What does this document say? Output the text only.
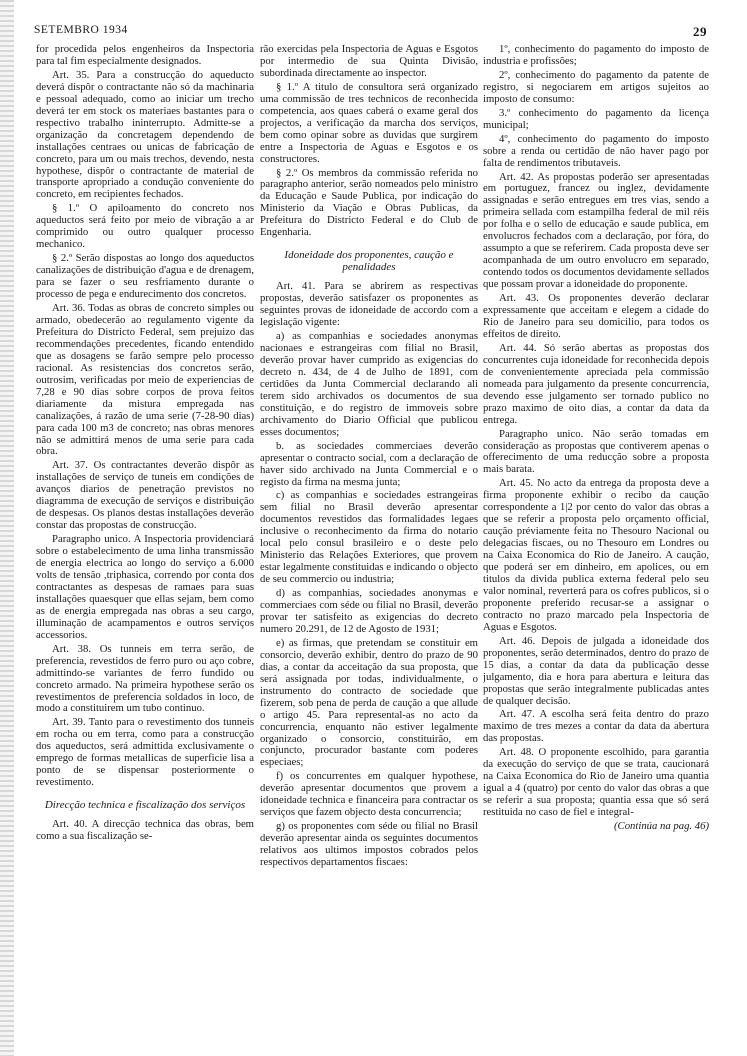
SETEMBRO 1934	29

for procedida pelos engenheiros da Inspectoria para tal fim especialmente designados.

Art. 35. Para a construcção do aqueducto deverá dispôr o contractante não só da machinaria e pessoal adequado, como ao iniciar um trecho deverá ter em stock os materiaes bastantes para o respectivo trabalho ininterrupto. Admitte-se a organização da concretagem dependendo de installações centraes ou unicas de fabricação de concreto, para um ou mais trechos, devendo, nesta hypothese, dispôr o contractante de material de transporte apropriado a condução conveniente do concreto, em recipientes fechados.

§ 1.º O apiloamento do concreto nos aqueductos será feito por meio de vibração a ar comprimido ou outro qualquer processo mechanico.

§ 2.º Serão dispostas ao longo dos aqueductos canalizações de distribuição d'agua e de drenagem, para se fazer o seu resfriamento durante o processo de pega e endurecimento dos concretos.

Art. 36. Todas as obras de concreto simples ou armado, obedecerão ao regulamento vigente da Prefeitura do Districto Federal, sem prejuizo das recommendações precedentes, ficando entendido que as dosagens se farão sempre pelo processo racional. As resistencias dos concretos serão, outrosim, verificadas por meio de experiencias de 7,28 e 90 dias sobre corpos de prova feitos diariamente da mistura empregada nas canalizações, á razão de uma serie (7-28-90 dias) para cada 100 m3 de concreto; nas obras menores não se admittirá menos de uma serie para cada obra.

Art. 37. Os contractantes deverão dispôr as installações de serviço de tuneis em condições de avanços diarios de penetração previstos no diagramma de execução de serviços e distribuição de despesas. Os planos destas installações deverão constar das propostas de construcção.

Paragrapho unico. A Inspectoria providenciará sobre o estabelecimento de uma linha transmissão de energia electrica ao longo do serviço a 6.000 volts de tensão ,triphasica, correndo por conta dos contractantes as despesas de ramaes para suas installações quaesquer que ellas sejam, bem como as de energia empregada nas obras a seu cargo, illuminação de acampamentos e outros serviços accessorios.

Art. 38. Os tunneis em terra serão, de preferencia, revestidos de ferro puro ou aço cobre, admittindo-se variantes de ferro fundido ou concreto armado. Na primeira hypothese serão os revestimentos de preferencia soldados in loco, de modo a constituirem um tubo continuo.

Art. 39. Tanto para o revestimento dos tunneis em rocha ou em terra, como para a construcção dos aqueductos, será admittida exclusivamente o emprego de formas metallicas de superficie lisa a ponto de se dispensar posteriormente o revestimento.

Direcção technica e fiscalização dos serviços

Art. 40. A direcção technica das obras, bem como a sua fiscalização se-

rão exercidas pela Inspectoria de Aguas e Esgotos por intermedio de sua Quinta Divisão, subordinada directamente ao inspector.

§ 1.º A titulo de consultora será organizado uma commissão de tres technicos de reconhecida competencia, aos quaes caberá o exame geral dos projectos, a verificação da marcha dos serviços, bem como opinar sobre as duvidas que surgirem entre a Inspectoria de Aguas e Esgotos e os constructores.

§ 2.º Os membros da commissão referida no paragrapho anterior, serão nomeados pelo ministro da Educação e Saude Publica, por indicação do Ministerio da Viação e Obras Publicas, da Prefeitura do Districto Federal e do Club de Engenharia.

Idoneidade dos proponentes, caução e penalidades

Art. 41. Para se abrirem as respectivas propostas, deverão satisfazer os proponentes as seguintes provas de idoneidade de accordo com a legislação vigente:

a) as companhias e sociedades anonymas nacionaes e estrangeiras com filial no Brasil, deverão provar haver cumprido as exigencias do decreto n. 434, de 4 de Julho de 1891, com certidões da Junta Commercial declarando ali terem sido archivados os documentos de sua constituição, e do registro de immoveis sobre archivamento do Diario Official que publicou esses documentos;

b. as sociedades commerciaes deverão apresentar o contracto social, com a declaração de haver sido archivado na Junta Commercial e o registo da firma na mesma junta;

c) as companhias e sociedades estrangeiras sem filial no Brasil deverão apresentar documentos revestidos das formalidades legaes inclusive o reconhecimento da firma do notario local pelo consul brasileiro e o deste pelo Ministerio das Relações Exteriores, que provem estar legalmente constituidas e indicando o objecto de seu commercio ou industria;

d) as companhias, sociedades anonymas e commerciaes com séde ou filial no Brasil, deverão provar ter satisfeito as exigencias do decreto numero 20.291, de 12 de Agosto de 1931;

e) as firmas, que pretendam se constituir em consorcio, deverão exhibir, dentro do prazo de 90 dias, a contar da acceitação da sua proposta, que será assignada por todas, individualmente, o instrumento do contracto de sociedade que fizerem, sob pena de perda de caução a que allude o artigo 45. Para represental-as no acto da concurrencia, enquanto não estiver legalmente organizado o consorcio, constituirão, em conjuncto, procurador bastante com poderes especiaes;

f) os concurrentes em qualquer hypothese, deverão apresentar documentos que provem a idoneidade technica e financeira para contractar os serviços que fazem objecto desta concurrencia;

g) os proponentes com séde ou filial no Brasil deverão apresentar ainda os seguintes documentos relativos aos ultimos impostos cobrados pelos respectivos departamentos fiscaes:

1º, conhecimento do pagamento do imposto de industria e profissões;

2º, conhecimento do pagamento da patente de registro, si negociarem em artigos sujeitos ao imposto de consumo:

3.º conhecimento do pagamento da licença municipal;

4º, conhecimento do pagamento do imposto sobre a renda ou certidão de não haver pago por falta de rendimentos tributaveis.

Art. 42. As propostas poderão ser apresentadas em portuguez, francez ou inglez, devidamente assignadas e serão entregues em tres vias, sendo a primeira sellada com estampilha federal de mil réis por folha e o sello de educação e saude publica, em envolucros fechados com a declaração, por fóra, do assumpto a que se referirem. Cada proposta deve ser acompanhada de um outro envolucro em separado, contendo todos os documentos devidamente sellados que possam provar a idoneidade do proponente.

Art. 43. Os proponentes deverão declarar expressamente que acceitam e elegem a cidade do Rio de Janeiro para seu domicilio, para todos os effeitos de direito.

Art. 44. Só serão abertas as propostas dos concurrentes cuja idoneidade for reconhecida depois de convenientemente apreciada pela commissão nomeada para julgamento da presente concurrencia, devendo esse julgamento ser tornado publico no prazo maximo de oito dias, a contar da data da entrega.

Paragrapho unico. Não serão tomadas em consideração as propostas que contiverem apenas o offerecimento de uma reducção sobre a proposta mais barata.

Art. 45. No acto da entrega da proposta deve a firma proponente exhibir o recibo da caução correspondente a 1|2 por cento do valor das obras a que se referir a proposta pelo orçamento official, caução préviamente feita no Thesouro Nacional ou delegacias fiscaes, ou no Thesouro em Londres ou na Caixa Economica do Rio de Janeiro. A caução, que poderá ser em dinheiro, em apolices, ou em titulos da divida publica externa federal pelo seu valor nominal, reverterá para os cofres publicos, si o proponente preferido recusar-se a assignar o contracto no prazo marcado pela Inspectoria de Aguas e Esgotos.

Art. 46. Depois de julgada a idoneidade dos proponentes, serão determinados, dentro do prazo de 15 dias, a contar da data da publicação desse julgamento, dia e hora para abertura e leitura das propostas que serão integralmente publicadas antes de qualquer decisão.

Art. 47. A escolha será feita dentro do prazo maximo de tres mezes a contar da data da abertura das propostas.

Art. 48. O proponente escolhido, para garantia da execução do serviço de que se trata, caucionará na Caixa Economica do Rio de Janeiro uma quantia igual a 4 (quatro) por cento do valor das obras a que se referir a sua proposta; quantia essa que só será restituida no caso de fiel e integral-

(Continúa na pag. 46)
